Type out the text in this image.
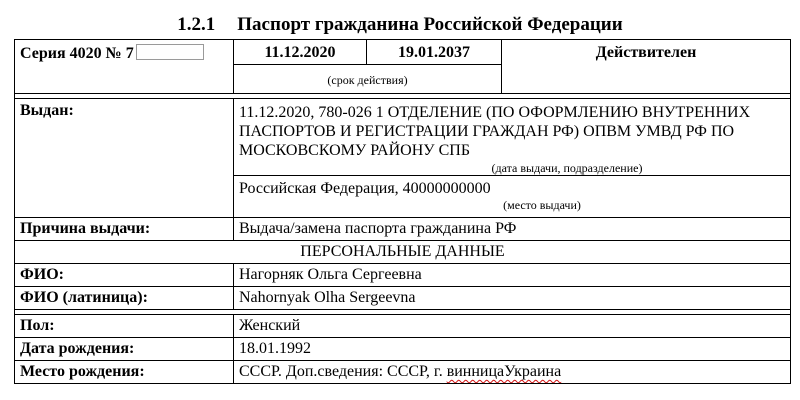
1.2.1 Паспорт гражданина Российской Федерации
Серия 4020 № 7	11.12.2020	19.01.2037	Действителен
	(срок действия)		

Выдан:	11.12.2020, 780-026 1 ОТДЕЛЕНИЕ (ПО ОФОРМЛЕНИЮ ВНУТРЕННИХ ПАСПОРТОВ И РЕГИСТРАЦИИ ГРАЖДАН РФ) ОПВМ УМВД РФ ПО МОСКОВСКОМУ РАЙОНУ СПБ
(дата выдачи, подразделение)		

	Российская Федерация, 40000000000
(место выдачи)		

Причина выдачи:	Выдача/замена паспорта гражданина РФ		
ПЕРСОНАЛЬНЫЕ ДАННЫЕ			
ФИО:	Нагорняк Ольга Сергеевна		
ФИО (латиница):	Nahornyak Olha Sergeevna		

Пол:	Женский		
Дата рождения:	18.01.1992		
Место рождения:	СССР. Доп.сведения: СССР, г. винницаУкраина		
